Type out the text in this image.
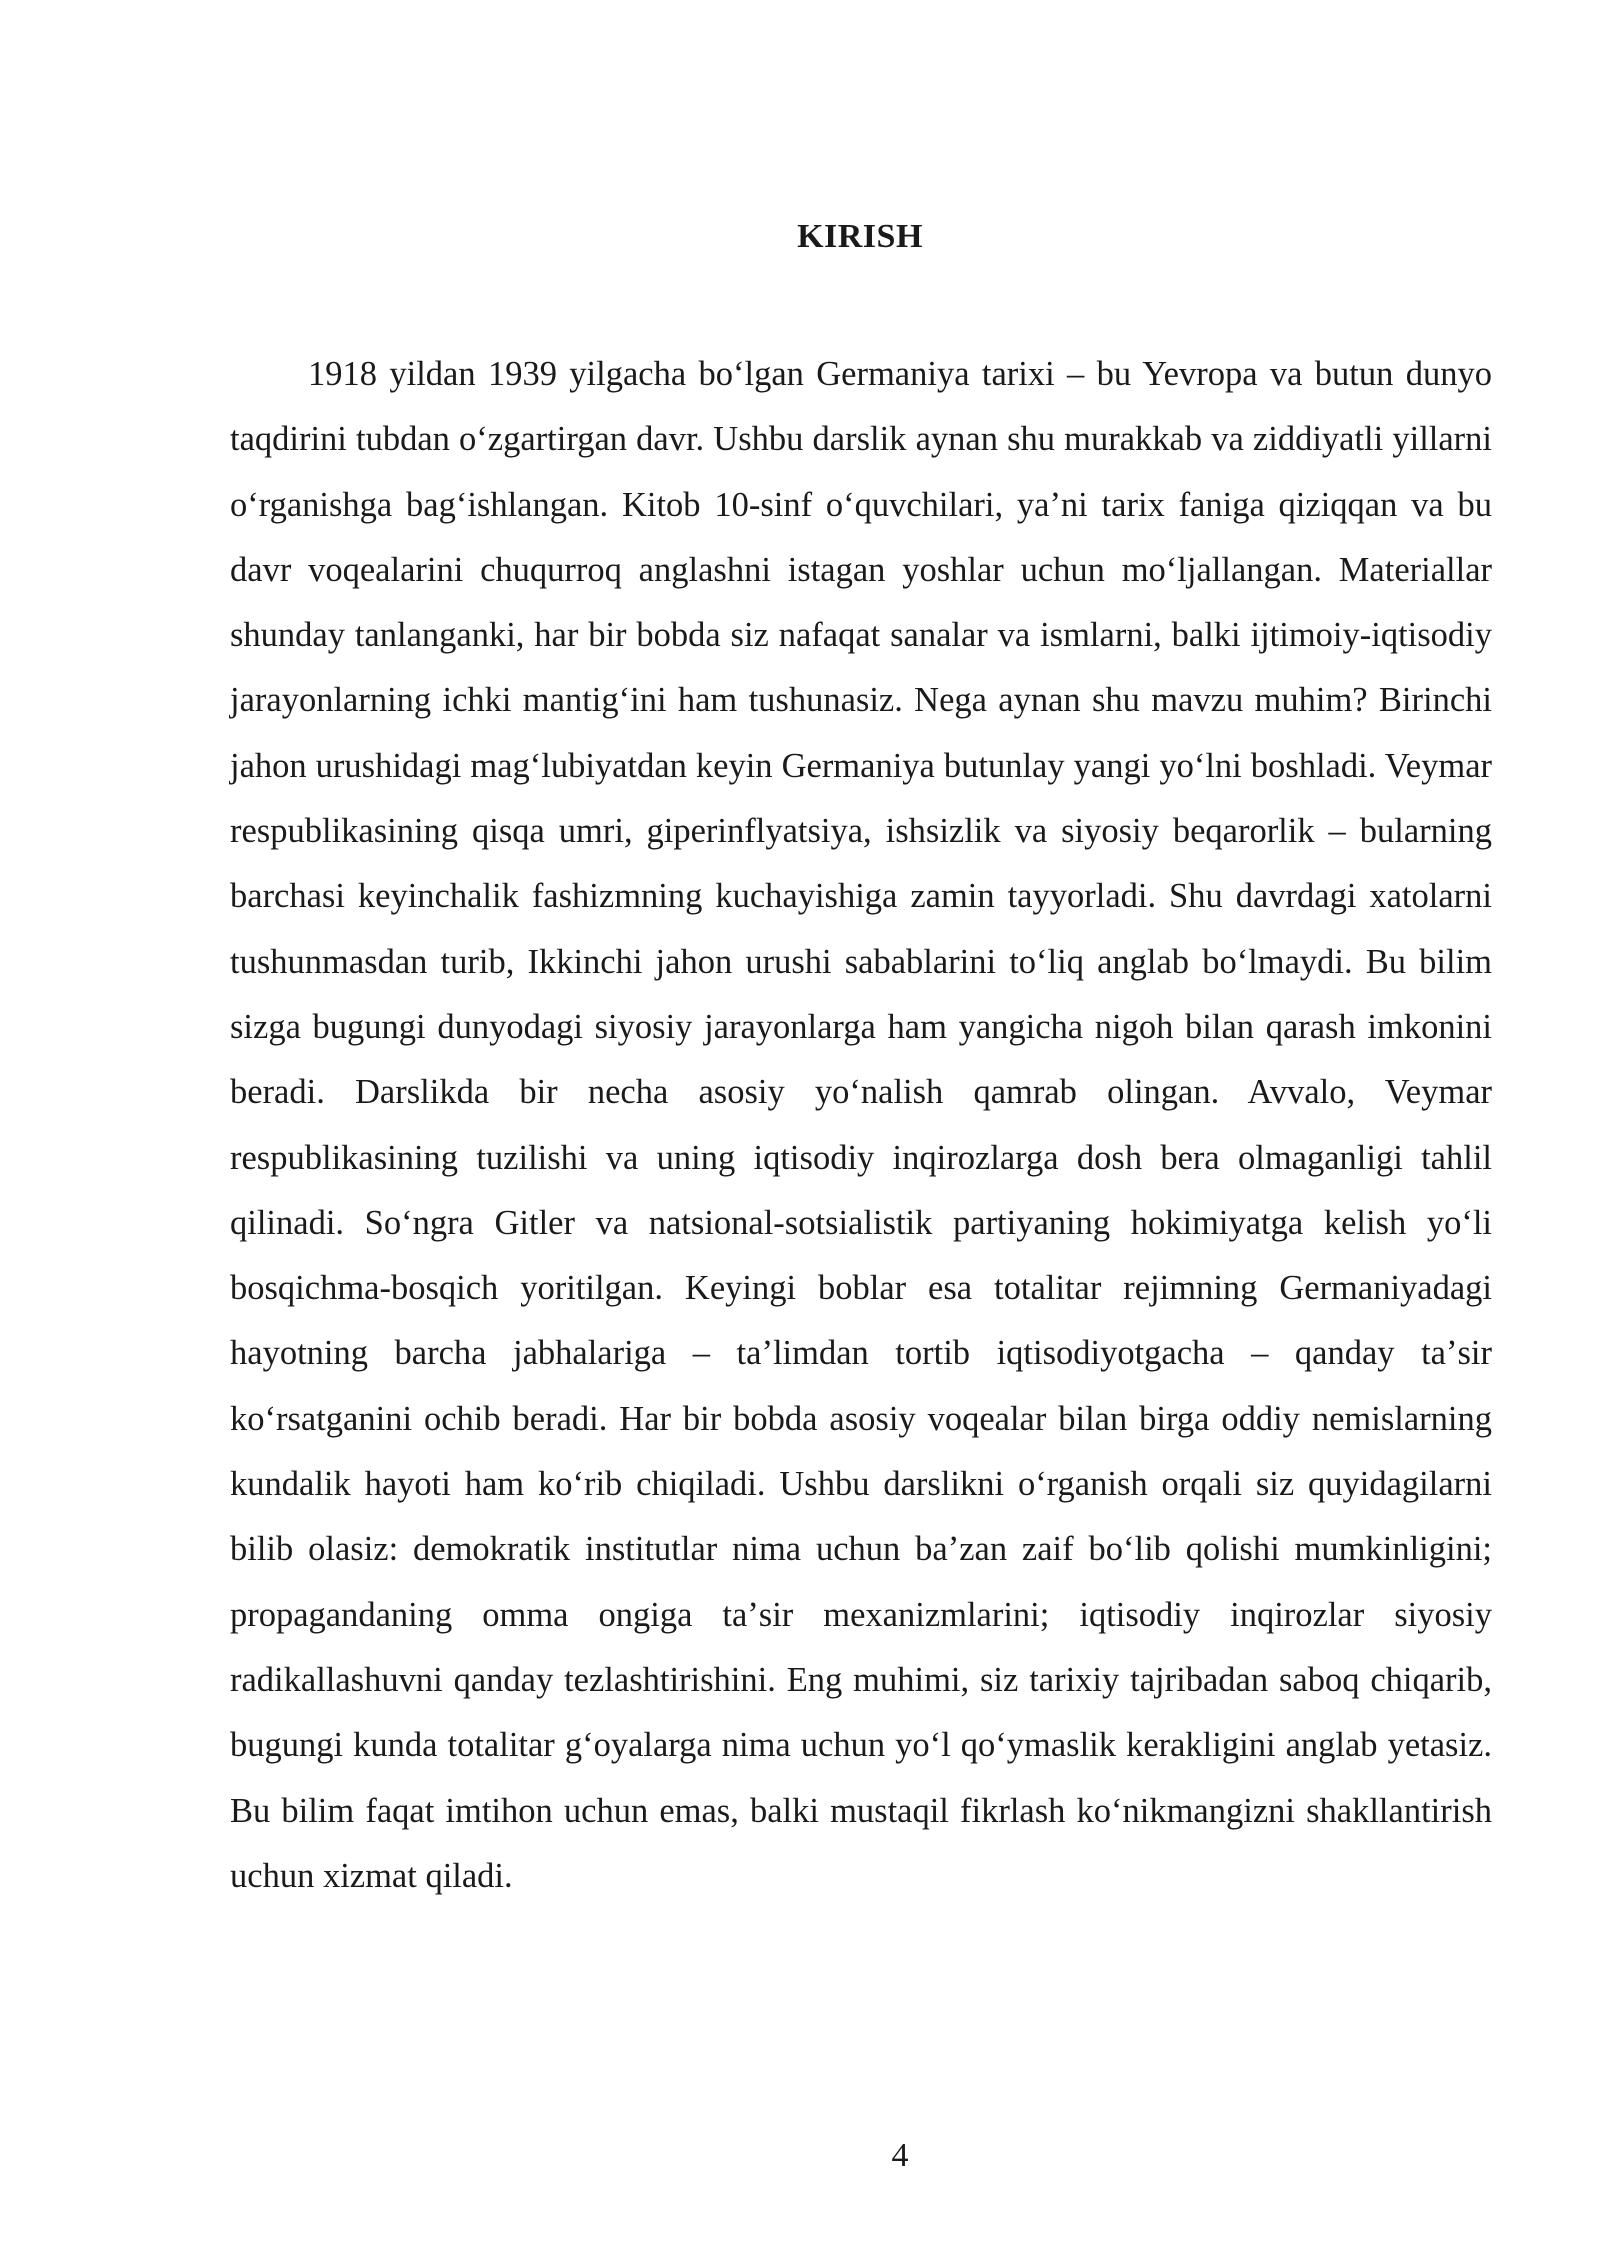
KIRISH

1918 yildan 1939 yilgacha boʻlgan Germaniya tarixi – bu Yevropa va butun dunyo taqdirini tubdan oʻzgartirgan davr. Ushbu darslik aynan shu murakkab va ziddiyatli yillarni oʻrganishga bagʻishlangan. Kitob 10-sinf oʻquvchilari, yaʼni tarix faniga qiziqqan va bu davr voqealarini chuqurroq anglashni istagan yoshlar uchun moʻljallangan. Materiallar shunday tanlanganki, har bir bobda siz nafaqat sanalar va ismlarni, balki ijtimoiy-iqtisodiy jarayonlarning ichki mantigʻini ham tushunasiz. Nega aynan shu mavzu muhim? Birinchi jahon urushidagi magʻlubiyatdan keyin Germaniya butunlay yangi yoʻlni boshladi. Veymar respublikasining qisqa umri, giperinflyatsiya, ishsizlik va siyosiy beqarorlik – bularning barchasi keyinchalik fashizmning kuchayishiga zamin tayyorladi. Shu davrdagi xatolarni tushunmasdan turib, Ikkinchi jahon urushi sabablarini toʻliq anglab boʻlmaydi. Bu bilim sizga bugungi dunyodagi siyosiy jarayonlarga ham yangicha nigoh bilan qarash imkonini beradi. Darslikda bir necha asosiy yoʻnalish qamrab olingan. Avvalo, Veymar respublikasining tuzilishi va uning iqtisodiy inqirozlarga dosh bera olmaganligi tahlil qilinadi. Soʻngra Gitler va natsional-sotsialistik partiyaning hokimiyatga kelish yoʻli bosqichma-bosqich yoritilgan. Keyingi boblar esa totalitar rejimning Germaniyadagi hayotning barcha jabhalariga – taʼlimdan tortib iqtisodiyotgacha – qanday taʼsir koʻrsatganini ochib beradi. Har bir bobda asosiy voqealar bilan birga oddiy nemislarning kundalik hayoti ham koʻrib chiqiladi. Ushbu darslikni oʻrganish orqali siz quyidagilarni bilib olasiz: demokratik institutlar nima uchun baʼzan zaif boʻlib qolishi mumkinligini; propagandaning omma ongiga taʼsir mexanizmlarini; iqtisodiy inqirozlar siyosiy radikallashuvni qanday tezlashtirishini. Eng muhimi, siz tarixiy tajribadan saboq chiqarib, bugungi kunda totalitar gʻoyalarga nima uchun yoʻl qoʻymaslik kerakligini anglab yetasiz. Bu bilim faqat imtihon uchun emas, balki mustaqil fikrlash koʻnikmangizni shakllantirish uchun xizmat qiladi.

4
